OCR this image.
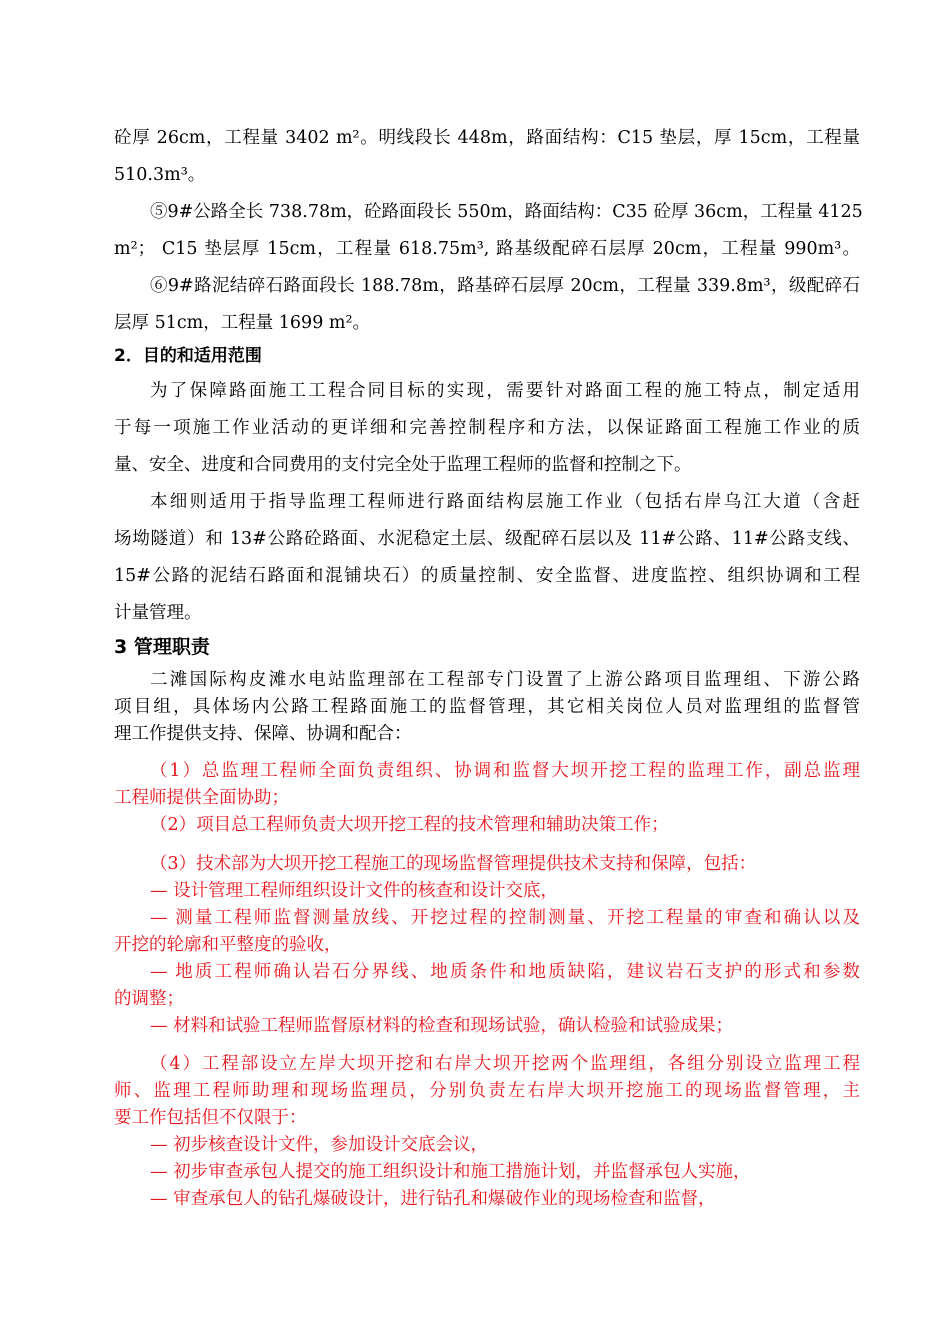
砼厚 26cm，工程量 3402 m²。明线段长 448m，路面结构：C15 垫层，厚 15cm，工程量
510.3m³。
⑤9#公路全长 738.78m，砼路面段长 550m，路面结构：C35 砼厚 36cm，工程量 4125
m²； C15 垫层厚 15cm，工程量 618.75m³, 路基级配碎石层厚 20cm，工程量 990m³。
⑥9#路泥结碎石路面段长 188.78m，路基碎石层厚 20cm，工程量 339.8m³，级配碎石
层厚 51cm，工程量 1699 m²。
2．目的和适用范围
为了保障路面施工工程合同目标的实现，需要针对路面工程的施工特点，制定适用
于每一项施工作业活动的更详细和完善控制程序和方法，以保证路面工程施工作业的质
量、安全、进度和合同费用的支付完全处于监理工程师的监督和控制之下。
本细则适用于指导监理工程师进行路面结构层施工作业（包括右岸乌江大道（含赶
场坳隧道）和 13#公路砼路面、水泥稳定土层、级配碎石层以及 11#公路、11#公路支线、
15#公路的泥结石路面和混铺块石）的质量控制、安全监督、进度监控、组织协调和工程
计量管理。
3 管理职责
二滩国际构皮滩水电站监理部在工程部专门设置了上游公路项目监理组、下游公路
项目组，具体场内公路工程路面施工的监督管理，其它相关岗位人员对监理组的监督管
理工作提供支持、保障、协调和配合：
（1）总监理工程师全面负责组织、协调和监督大坝开挖工程的监理工作，副总监理
工程师提供全面协助；
（2）项目总工程师负责大坝开挖工程的技术管理和辅助决策工作；
（3）技术部为大坝开挖工程施工的现场监督管理提供技术支持和保障，包括：
— 设计管理工程师组织设计文件的核查和设计交底，
— 测量工程师监督测量放线、开挖过程的控制测量、开挖工程量的审查和确认以及
开挖的轮廓和平整度的验收，
— 地质工程师确认岩石分界线、地质条件和地质缺陷，建议岩石支护的形式和参数
的调整；
— 材料和试验工程师监督原材料的检查和现场试验，确认检验和试验成果；
（4）工程部设立左岸大坝开挖和右岸大坝开挖两个监理组，各组分别设立监理工程
师、监理工程师助理和现场监理员，分别负责左右岸大坝开挖施工的现场监督管理，主
要工作包括但不仅限于：
— 初步核查设计文件，参加设计交底会议，
— 初步审查承包人提交的施工组织设计和施工措施计划，并监督承包人实施，
— 审查承包人的钻孔爆破设计，进行钻孔和爆破作业的现场检查和监督，
